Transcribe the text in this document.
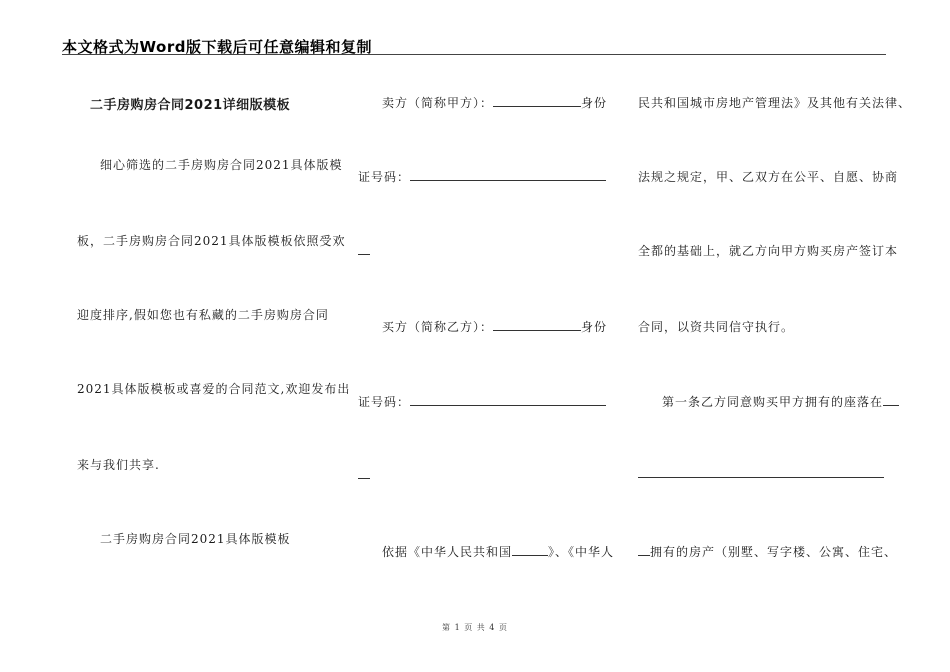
本文格式为Word版下载后可任意编辑和复制
二手房购房合同2021详细版模板
细心筛选的二手房购房合同2021具体版模
板，二手房购房合同2021具体版模板依照受欢
迎度排序,假如您也有私藏的二手房购房合同
2021具体版模板或喜爱的合同范文,欢迎发布出
来与我们共享.
二手房购房合同2021具体版模板
卖方（简称甲方）：	身份
证号码：
买方（简称乙方）：	身份
证号码：
依据《中华人民共和国	》、《中华人
民共和国城市房地产管理法》及其他有关法律、
法规之规定，甲、乙双方在公平、自愿、协商
全都的基础上，就乙方向甲方购买房产签订本
合同，以资共同信守执行。
第一条乙方同意购买甲方拥有的座落在
拥有的房产（别墅、写字楼、公寓、住宅、
第 1 页 共 4 页
